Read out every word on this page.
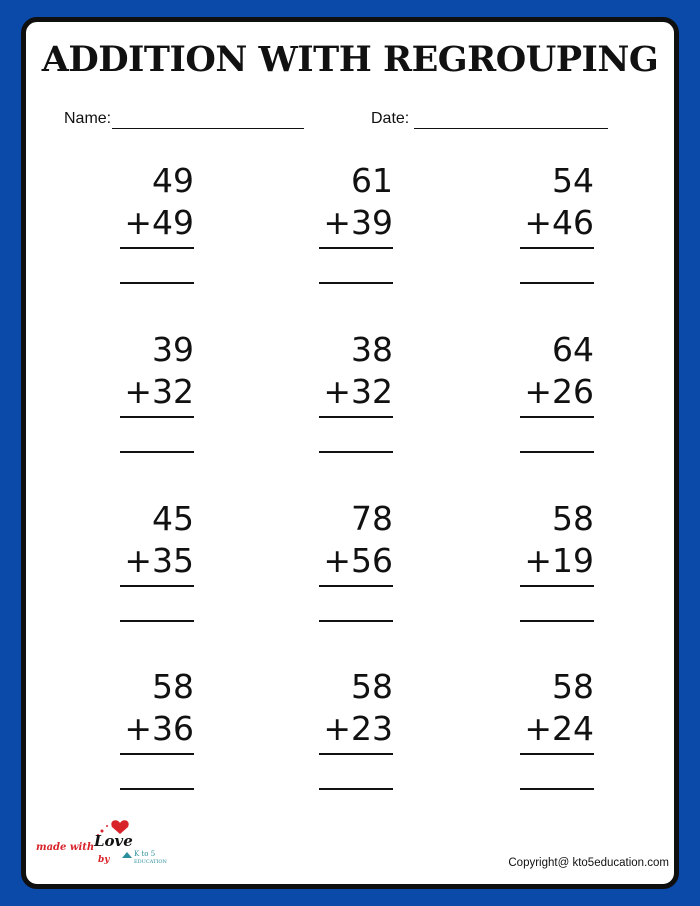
ADDITION WITH REGROUPING
Name:	Date:
49
+49
61
+39
54
+46
39
+32
38
+32
64
+26
45
+35
78
+56
58
+19
58
+36
58
+23
58
+24
made with Love
by
K to 5
EDUCATION	Copyright@ kto5education.com
